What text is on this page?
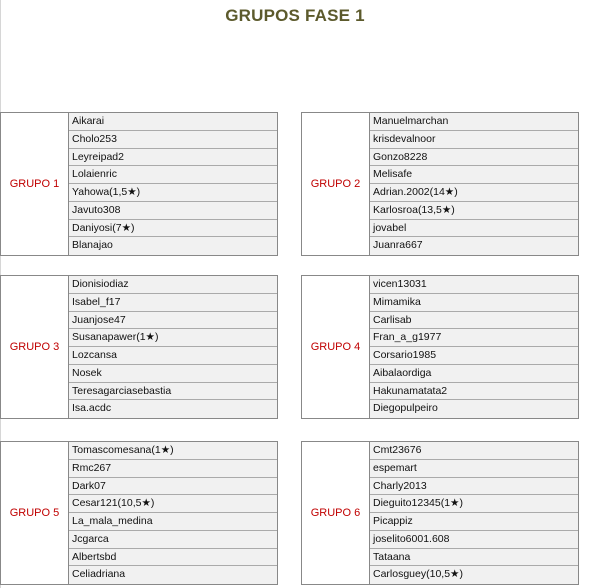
GRUPOS FASE 1
GRUPO 1
Aikarai
Cholo253
Leyreipad2
Lolaienric
Yahowa(1,5★)
Javuto308
Daniyosi(7★)
Blanajao
GRUPO 2
Manuelmarchan
krisdevalnoor
Gonzo8228
Melisafe
Adrian.2002(14★)
Karlosroa(13,5★)
jovabel
Juanra667
GRUPO 3
Dionisiodiaz
Isabel_f17
Juanjose47
Susanapawer(1★)
Lozcansa
Nosek
Teresagarciasebastia
Isa.acdc
GRUPO 4
vicen13031
Mimamika
Carlisab
Fran_a_g1977
Corsario1985
Aibalaordiga
Hakunamatata2
Diegopulpeiro
GRUPO 5
Tomascomesana(1★)
Rmc267
Dark07
Cesar121(10,5★)
La_mala_medina
Jcgarca
Albertsbd
Celiadriana
GRUPO 6
Cmt23676
espemart
Charly2013
Dieguito12345(1★)
Picappiz
joselito6001.608
Tataana
Carlosguey(10,5★)
